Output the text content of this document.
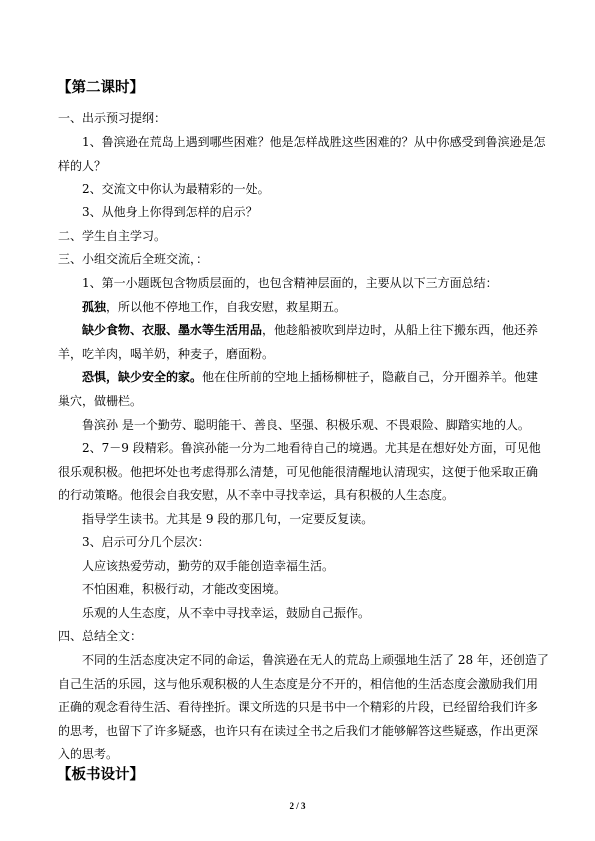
【第二课时】
一、出示预习提纲：
1、鲁滨逊在荒岛上遇到哪些困难？他是怎样战胜这些困难的？从中你感受到鲁滨逊是怎
样的人？
2、交流文中你认为最精彩的一处。
3、从他身上你得到怎样的启示？
二、学生自主学习。
三、小组交流后全班交流，：
1、第一小题既包含物质层面的，也包含精神层面的，主要从以下三方面总结：
孤独，所以他不停地工作，自我安慰，救星期五。
缺少食物、衣服、墨水等生活用品，他趁船被吹到岸边时，从船上往下搬东西，他还养
羊，吃羊肉，喝羊奶，种麦子，磨面粉。
恐惧，缺少安全的家。他在住所前的空地上插杨柳桩子，隐蔽自己，分开圈养羊。他建
巢穴，做栅栏。
鲁滨孙 是一个勤劳、聪明能干、善良、坚强、积极乐观、不畏艰险、脚踏实地的人。
2、7－9 段精彩。鲁滨孙能一分为二地看待自己的境遇。尤其是在想好处方面，可见他
很乐观积极。他把坏处也考虑得那么清楚，可见他能很清醒地认清现实，这便于他采取正确
的行动策略。他很会自我安慰，从不幸中寻找幸运，具有积极的人生态度。
指导学生读书。尤其是 9 段的那几句，一定要反复读。
3、启示可分几个层次：
人应该热爱劳动，勤劳的双手能创造幸福生活。
不怕困难，积极行动，才能改变困境。
乐观的人生态度，从不幸中寻找幸运，鼓励自己振作。
四、总结全文：
不同的生活态度决定不同的命运，鲁滨逊在无人的荒岛上顽强地生活了 28 年，还创造了
自己生活的乐园，这与他乐观积极的人生态度是分不开的，相信他的生活态度会激励我们用
正确的观念看待生活、看待挫折。课文所选的只是书中一个精彩的片段，已经留给我们许多
的思考，也留下了许多疑惑，也许只有在读过全书之后我们才能够解答这些疑惑，作出更深
入的思考。
【板书设计】
2 / 3
